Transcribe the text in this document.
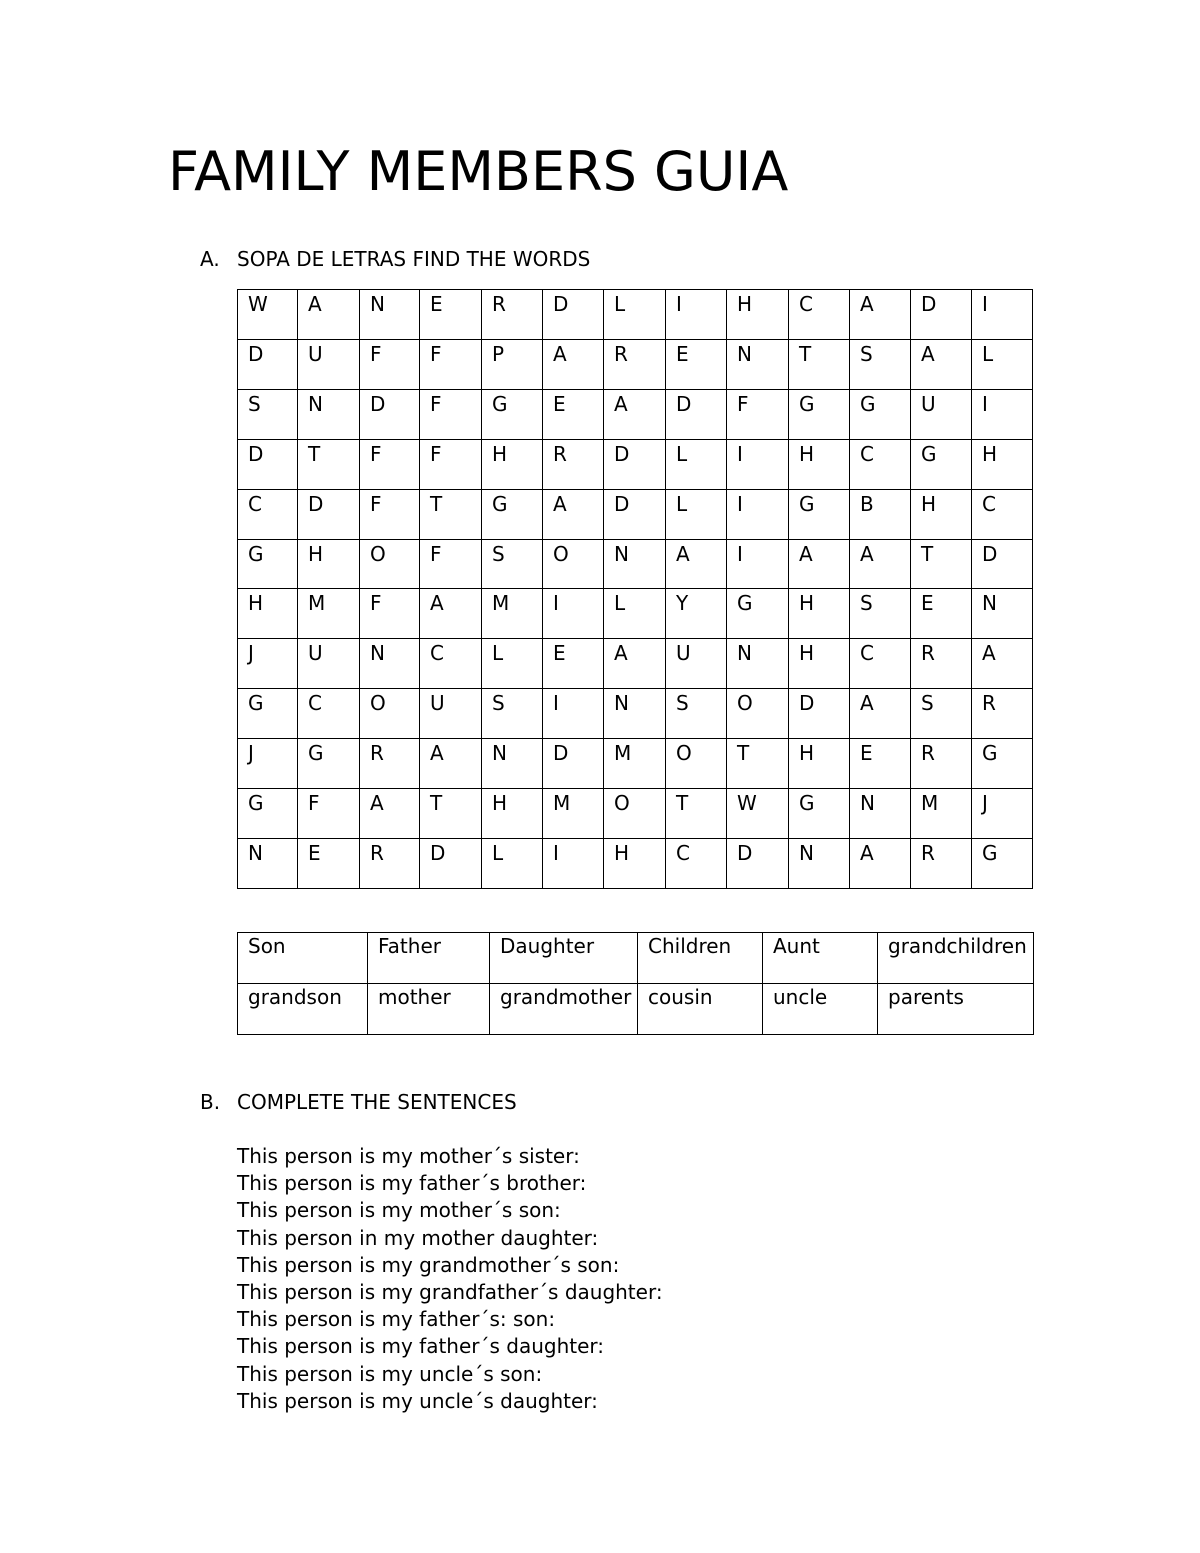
FAMILY MEMBERS GUIA
A. SOPA DE LETRAS FIND THE WORDS
W	A	N	E	R	D	L	I	H	C	A	D	I
D	U	F	F	P	A	R	E	N	T	S	A	L
S	N	D	F	G	E	A	D	F	G	G	U	I
D	T	F	F	H	R	D	L	I	H	C	G	H
C	D	F	T	G	A	D	L	I	G	B	H	C
G	H	O	F	S	O	N	A	I	A	A	T	D
H	M	F	A	M	I	L	Y	G	H	S	E	N
J	U	N	C	L	E	A	U	N	H	C	R	A
G	C	O	U	S	I	N	S	O	D	A	S	R
J	G	R	A	N	D	M	O	T	H	E	R	G
G	F	A	T	H	M	O	T	W	G	N	M	J
N	E	R	D	L	I	H	C	D	N	A	R	G
Son	Father	Daughter	Children	Aunt	grandchildren
grandson	mother	grandmother	cousin	uncle	parents
B. COMPLETE THE SENTENCES
This person is my mother´s sister:
This person is my father´s brother:
This person is my mother´s son:
This person in my mother daughter:
This person is my grandmother´s son:
This person is my grandfather´s daughter:
This person is my father´s: son:
This person is my father´s daughter:
This person is my uncle´s son:
This person is my uncle´s daughter:
